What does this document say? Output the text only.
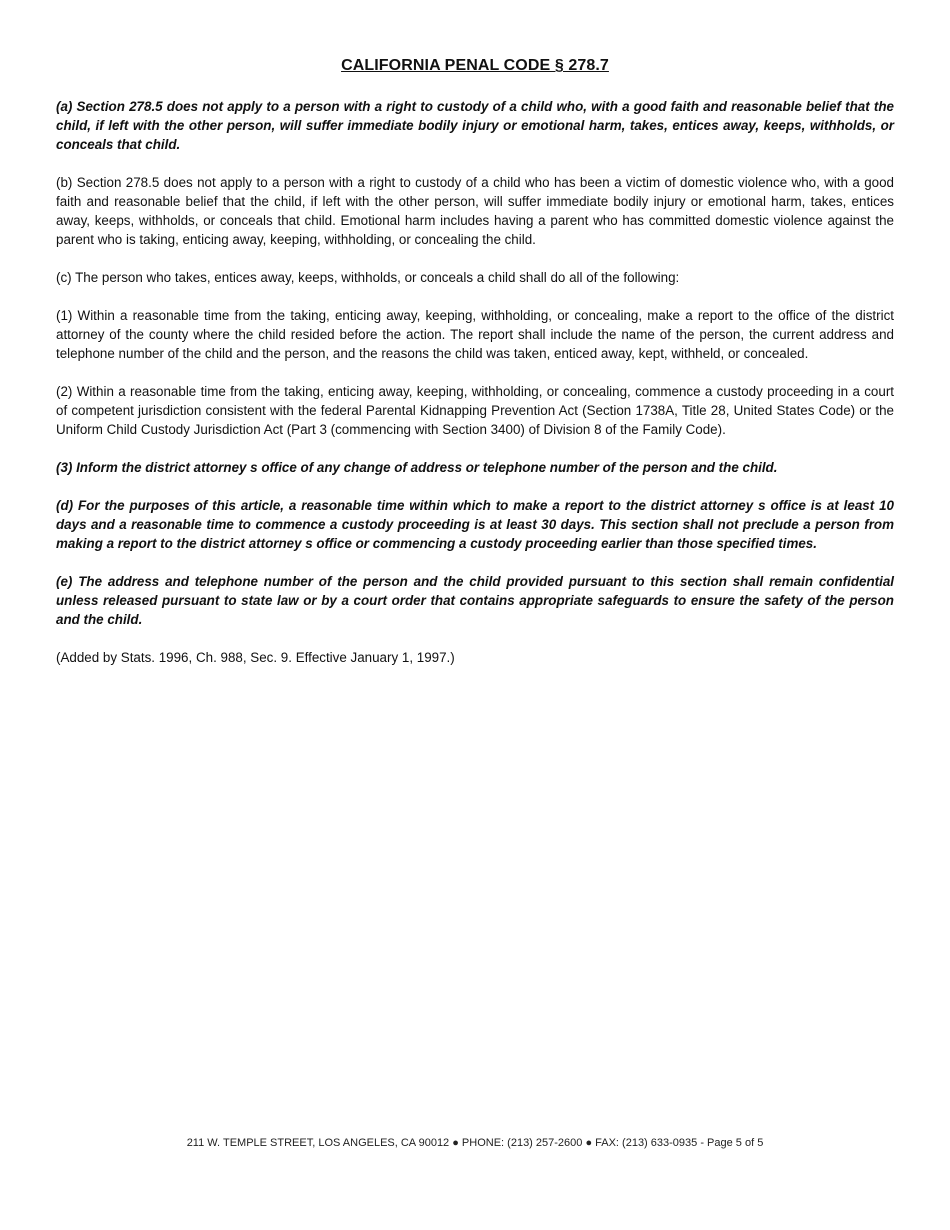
CALIFORNIA PENAL CODE § 278.7

(a) Section 278.5 does not apply to a person with a right to custody of a child who, with a good faith and reasonable belief that the child, if left with the other person, will suffer immediate bodily injury or emotional harm, takes, entices away, keeps, withholds, or conceals that child.

(b) Section 278.5 does not apply to a person with a right to custody of a child who has been a victim of domestic violence who, with a good faith and reasonable belief that the child, if left with the other person, will suffer immediate bodily injury or emotional harm, takes, entices away, keeps, withholds, or conceals that child. Emotional harm includes having a parent who has committed domestic violence against the parent who is taking, enticing away, keeping, withholding, or concealing the child.

(c) The person who takes, entices away, keeps, withholds, or conceals a child shall do all of the following:

(1) Within a reasonable time from the taking, enticing away, keeping, withholding, or concealing, make a report to the office of the district attorney of the county where the child resided before the action. The report shall include the name of the person, the current address and telephone number of the child and the person, and the reasons the child was taken, enticed away, kept, withheld, or concealed.

(2) Within a reasonable time from the taking, enticing away, keeping, withholding, or concealing, commence a custody proceeding in a court of competent jurisdiction consistent with the federal Parental Kidnapping Prevention Act (Section 1738A, Title 28, United States Code) or the Uniform Child Custody Jurisdiction Act (Part 3 (commencing with Section 3400) of Division 8 of the Family Code).

(3) Inform the district attorney s office of any change of address or telephone number of the person and the child.

(d) For the purposes of this article, a reasonable time within which to make a report to the district attorney s office is at least 10 days and a reasonable time to commence a custody proceeding is at least 30 days. This section shall not preclude a person from making a report to the district attorney s office or commencing a custody proceeding earlier than those specified times.

(e) The address and telephone number of the person and the child provided pursuant to this section shall remain confidential unless released pursuant to state law or by a court order that contains appropriate safeguards to ensure the safety of the person and the child.

(Added by Stats. 1996, Ch. 988, Sec. 9. Effective January 1, 1997.)

211 W. TEMPLE STREET, LOS ANGELES, CA 90012 ● PHONE: (213) 257-2600 ● FAX: (213) 633-0935 - Page 5 of 5
